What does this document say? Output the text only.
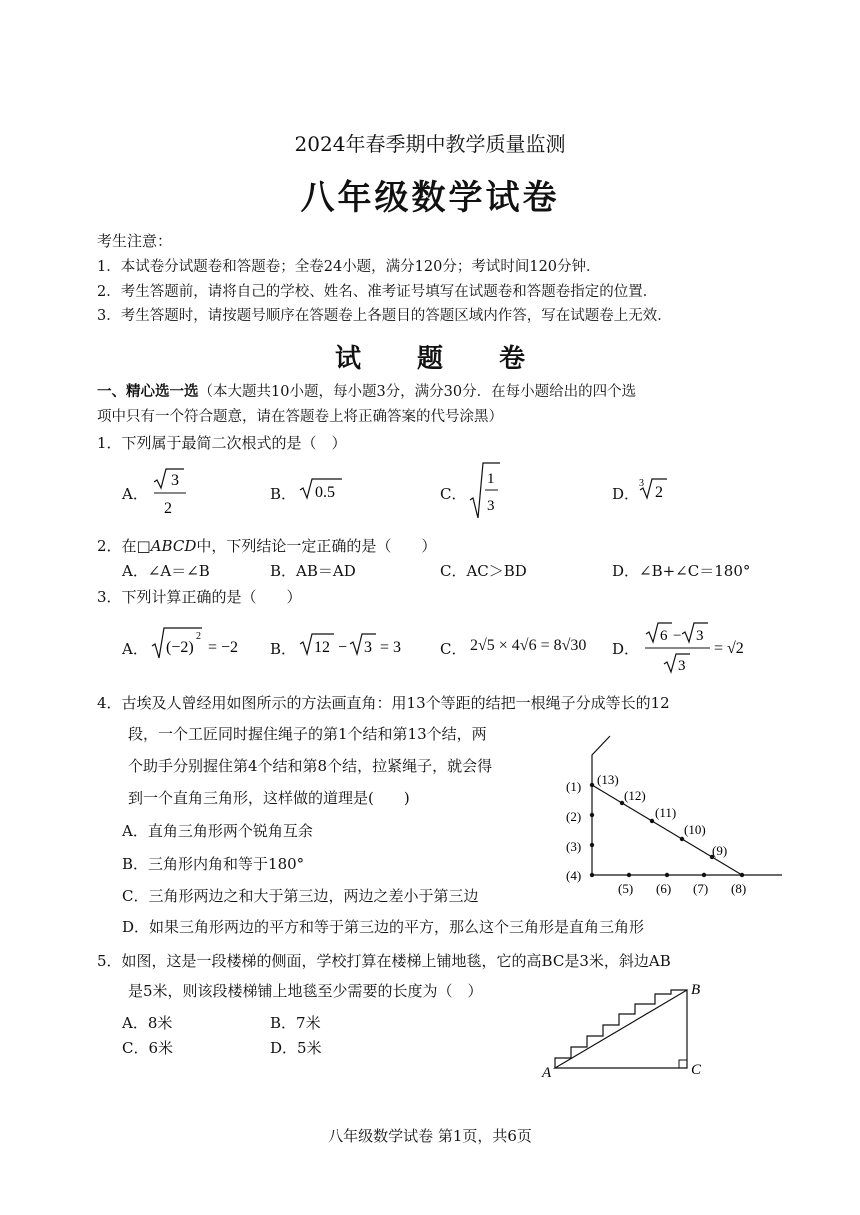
2024年春季期中教学质量监测
八年级数学试卷
考生注意：
1．本试卷分试题卷和答题卷；全卷24小题，满分120分；考试时间120分钟．
2．考生答题前，请将自己的学校、姓名、准考证号填写在试题卷和答题卷指定的位置．
3．考生答题时，请按题号顺序在答题卷上各题目的答题区域内作答，写在试题卷上无效．
试 题 卷
一、精心选一选（本大题共10小题，每小题3分，满分30分．在每小题给出的四个选
项中只有一个符合题意，请在答题卷上将正确答案的代号涂黑）
1．下列属于最简二次根式的是（　）
A．
3
2
B． 0.5	C．
1
3
D．
3
2
2．在□ABCD中，下列结论一定正确的是（　　）
A．∠A＝∠B	B．AB＝AD	C．AC＞BD	D．∠B+∠C＝180°
3．下列计算正确的是（　　）
A． (−2)
2
= −2 B． 12 − 3 = 3	C． 2√5 × 4√6 = 8√30 D．
6 − 3
3
= √2
4．古埃及人曾经用如图所示的方法画直角：用13个等距的结把一根绳子分成等长的12
段，一个工匠同时握住绳子的第1个结和第13个结，两
个助手分别握住第4个结和第8个结，拉紧绳子，就会得
到一个直角三角形，这样做的道理是(　　)
A．直角三角形两个锐角互余
B．三角形内角和等于180°
C．三角形两边之和大于第三边，两边之差小于第三边
D．如果三角形两边的平方和等于第三边的平方，那么这个三角形是直角三角形
(1)
(2)
(3)
(4)
(5) (6) (7) (8)
(9)
(10)
(11)
(12)
(13)
5．如图，这是一段楼梯的侧面，学校打算在楼梯上铺地毯，它的高BC是3米，斜边AB
是5米，则该段楼梯铺上地毯至少需要的长度为（　）
A．8米	B．7米
C．6米	D．5米
A
B
C
八年级数学试卷 第1页，共6页
